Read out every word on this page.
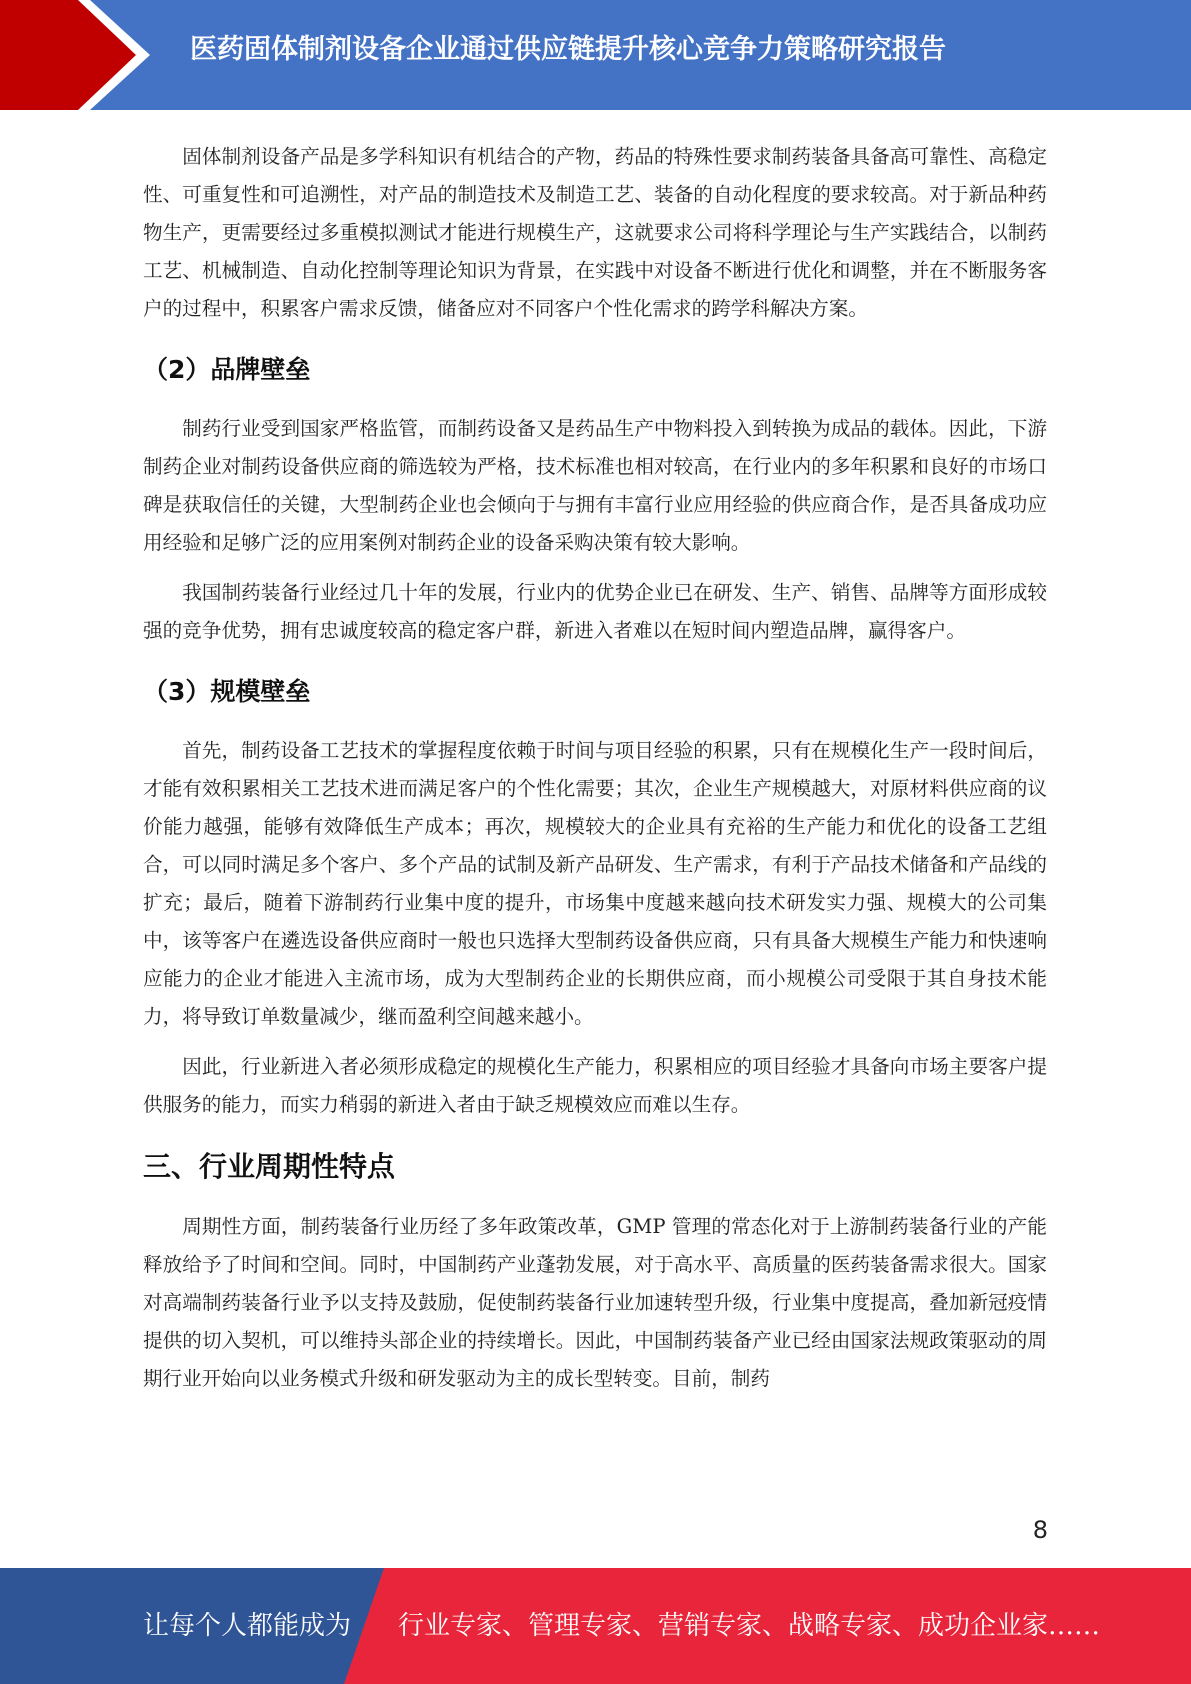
医药固体制剂设备企业通过供应链提升核心竞争力策略研究报告

固体制剂设备产品是多学科知识有机结合的产物，药品的特殊性要求制药装备具备高可靠性、高稳定性、可重复性和可追溯性，对产品的制造技术及制造工艺、装备的自动化程度的要求较高。对于新品种药物生产，更需要经过多重模拟测试才能进行规模生产，这就要求公司将科学理论与生产实践结合，以制药工艺、机械制造、自动化控制等理论知识为背景，在实践中对设备不断进行优化和调整，并在不断服务客户的过程中，积累客户需求反馈，储备应对不同客户个性化需求的跨学科解决方案。

（2）品牌壁垒

制药行业受到国家严格监管，而制药设备又是药品生产中物料投入到转换为成品的载体。因此，下游制药企业对制药设备供应商的筛选较为严格，技术标准也相对较高，在行业内的多年积累和良好的市场口碑是获取信任的关键，大型制药企业也会倾向于与拥有丰富行业应用经验的供应商合作，是否具备成功应用经验和足够广泛的应用案例对制药企业的设备采购决策有较大影响。

我国制药装备行业经过几十年的发展，行业内的优势企业已在研发、生产、销售、品牌等方面形成较强的竞争优势，拥有忠诚度较高的稳定客户群，新进入者难以在短时间内塑造品牌，赢得客户。

（3）规模壁垒

首先，制药设备工艺技术的掌握程度依赖于时间与项目经验的积累，只有在规模化生产一段时间后，才能有效积累相关工艺技术进而满足客户的个性化需要；其次，企业生产规模越大，对原材料供应商的议价能力越强，能够有效降低生产成本；再次，规模较大的企业具有充裕的生产能力和优化的设备工艺组合，可以同时满足多个客户、多个产品的试制及新产品研发、生产需求，有利于产品技术储备和产品线的扩充；最后，随着下游制药行业集中度的提升，市场集中度越来越向技术研发实力强、规模大的公司集中，该等客户在遴选设备供应商时一般也只选择大型制药设备供应商，只有具备大规模生产能力和快速响应能力的企业才能进入主流市场，成为大型制药企业的长期供应商，而小规模公司受限于其自身技术能力，将导致订单数量减少，继而盈利空间越来越小。

因此，行业新进入者必须形成稳定的规模化生产能力，积累相应的项目经验才具备向市场主要客户提供服务的能力，而实力稍弱的新进入者由于缺乏规模效应而难以生存。

三、行业周期性特点

周期性方面，制药装备行业历经了多年政策改革，GMP 管理的常态化对于上游制药装备行业的产能释放给予了时间和空间。同时，中国制药产业蓬勃发展，对于高水平、高质量的医药装备需求很大。国家对高端制药装备行业予以支持及鼓励，促使制药装备行业加速转型升级，行业集中度提高，叠加新冠疫情提供的切入契机，可以维持头部企业的持续增长。因此，中国制药装备产业已经由国家法规政策驱动的周期行业开始向以业务模式升级和研发驱动为主的成长型转变。目前，制药

8
让每个人都能成为 行业专家、管理专家、营销专家、战略专家、成功企业家……
